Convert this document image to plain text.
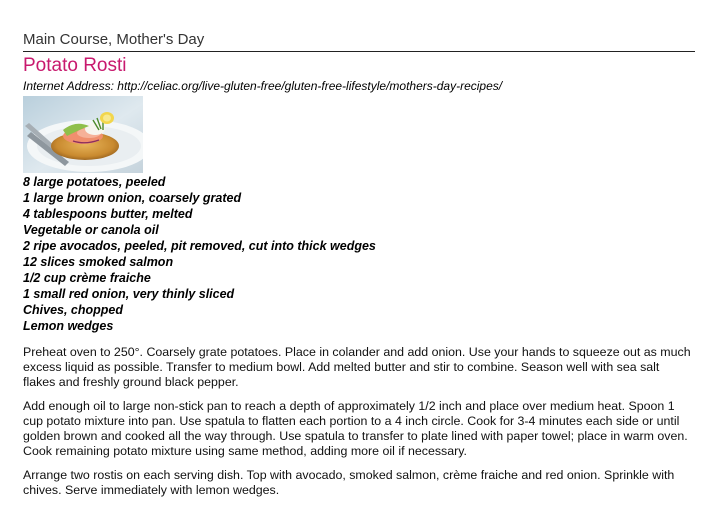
Main Course, Mother's Day
Potato Rosti
Internet Address: http://celiac.org/live-gluten-free/gluten-free-lifestyle/mothers-day-recipes/
8 large potatoes, peeled
1 large brown onion, coarsely grated
4 tablespoons butter, melted
Vegetable or canola oil
2 ripe avocados, peeled, pit removed, cut into thick wedges
12 slices smoked salmon
1/2 cup crème fraiche
1 small red onion, very thinly sliced
Chives, chopped
Lemon wedges

Preheat oven to 250°. Coarsely grate potatoes. Place in colander and add onion. Use your hands to squeeze out as much excess liquid as possible. Transfer to medium bowl. Add melted butter and stir to combine. Season well with sea salt flakes and freshly ground black pepper.

Add enough oil to large non-stick pan to reach a depth of approximately 1/2 inch and place over medium heat. Spoon 1 cup potato mixture into pan. Use spatula to flatten each portion to a 4 inch circle. Cook for 3-4 minutes each side or until golden brown and cooked all the way through. Use spatula to transfer to plate lined with paper towel; place in warm oven. Cook remaining potato mixture using same method, adding more oil if necessary.

Arrange two rostis on each serving dish. Top with avocado, smoked salmon, crème fraiche and red onion. Sprinkle with chives. Serve immediately with lemon wedges.
